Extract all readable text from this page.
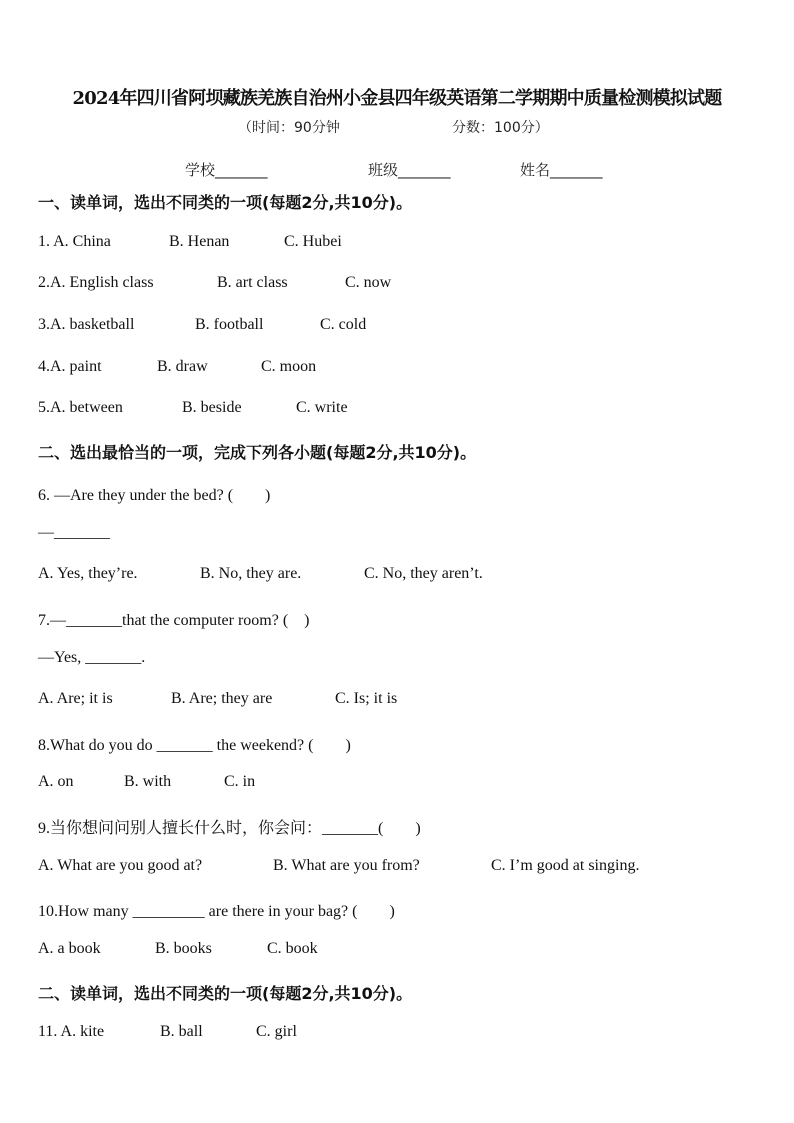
2024年四川省阿坝藏族羌族自治州小金县四年级英语第二学期期中质量检测模拟试题
（时间：90分钟	分数：100分）
学校_______	班级_______	姓名_______
一、读单词，选出不同类的一项(每题2分,共10分)。
1. A. China	B. Henan	C. Hubei
2.A. English class	B. art class	C. now
3.A. basketball	B. football	C. cold
4.A. paint	B. draw	C. moon
5.A. between	B. beside	C. write
二、选出最恰当的一项，完成下列各小题(每题2分,共10分)。
6. —Are they under the bed? (　　)
—_______
A. Yes, they’re.	B. No, they are.	C. No, they aren’t.
7.—_______that the computer room? (　)
—Yes, _______.
A. Are; it is	B. Are; they are	C. Is; it is
8.What do you do _______ the weekend? (　　)
A. on	B. with	C. in
9.当你想问问别人擅长什么时，你会问：_______(　　)
A. What are you good at?	B. What are you from?	C. I’m good at singing.
10.How many _________ are there in your bag? (　　)
A. a book	B. books	C. book
二、读单词，选出不同类的一项(每题2分,共10分)。
11. A. kite	B. ball	C. girl
